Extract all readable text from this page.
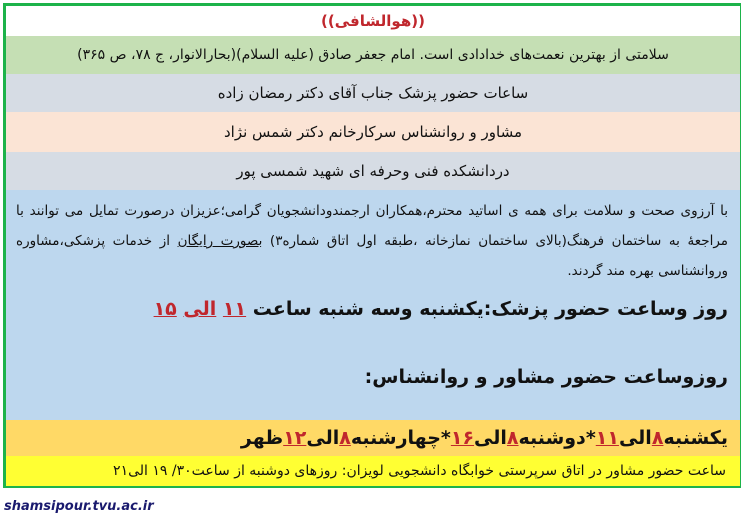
((هوالشافی))
سلامتی از بهترین نعمت‌های خدادادی است. امام جعفر صادق (علیه السلام)(بحارالانوار، ج ۷۸، ص ۳۶۵)
ساعات حضور پزشک جناب آقای دکتر رمضان زاده
مشاور و روانشناس سرکارخانم دکتر شمس نژاد
دردانشکده فنی وحرفه ای شهید شمسی پور
با آرزوی صحت و سلامت برای همه ی اساتید محترم،همکاران ارجمندودانشجویان گرامی؛عزیزان درصورت تمایل می توانند با مراجعهٔ به ساختمان فرهنگ(بالای ساختمان نمازخانه ،طبقه اول اتاق شماره۳) بصورت رایگان از خدمات پزشکی،مشاوره وروانشناسی بهره مند گردند.
روز وساعت حضور پزشک:یکشنبه وسه شنبه ساعت ۱۱ الی ۱۵
روزوساعت حضور مشاور و روانشناس:
یکشنبه
۸
الی
۱۱
*
دوشنبه
۸
الی
۱۶
*
چهارشنبه
۸
الی
۱۲
ظهر
ساعت حضور مشاور در اتاق سرپرستی خوابگاه دانشجویی لویزان: روزهای دوشنبه از ساعت۳۰/ ۱۹ الی۲۱
shamsipour.tvu.ac.ir
